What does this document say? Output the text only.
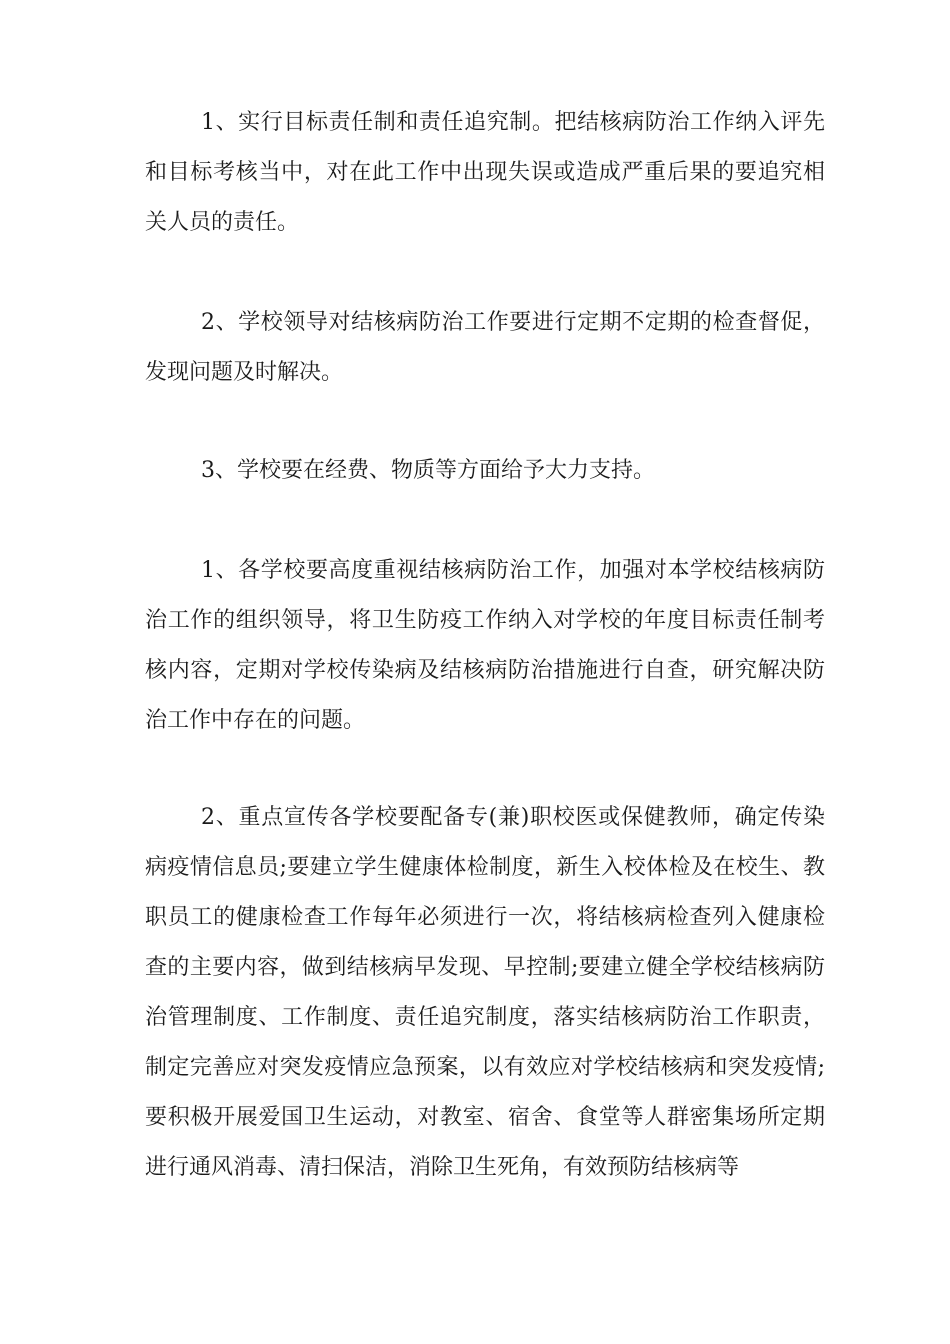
1、实行目标责任制和责任追究制。把结核病防治工作纳入评先和目标考核当中，对在此工作中出现失误或造成严重后果的要追究相关人员的责任。

2、学校领导对结核病防治工作要进行定期不定期的检查督促，发现问题及时解决。

3、学校要在经费、物质等方面给予大力支持。

1、各学校要高度重视结核病防治工作，加强对本学校结核病防治工作的组织领导，将卫生防疫工作纳入对学校的年度目标责任制考核内容，定期对学校传染病及结核病防治措施进行自查，研究解决防治工作中存在的问题。

2、重点宣传各学校要配备专(兼)职校医或保健教师，确定传染病疫情信息员;要建立学生健康体检制度，新生入校体检及在校生、教职员工的健康检查工作每年必须进行一次，将结核病检查列入健康检查的主要内容，做到结核病早发现、早控制;要建立健全学校结核病防治管理制度、工作制度、责任追究制度，落实结核病防治工作职责，制定完善应对突发疫情应急预案，以有效应对学校结核病和突发疫情;要积极开展爱国卫生运动，对教室、宿舍、食堂等人群密集场所定期进行通风消毒、清扫保洁，消除卫生死角，有效预防结核病等
